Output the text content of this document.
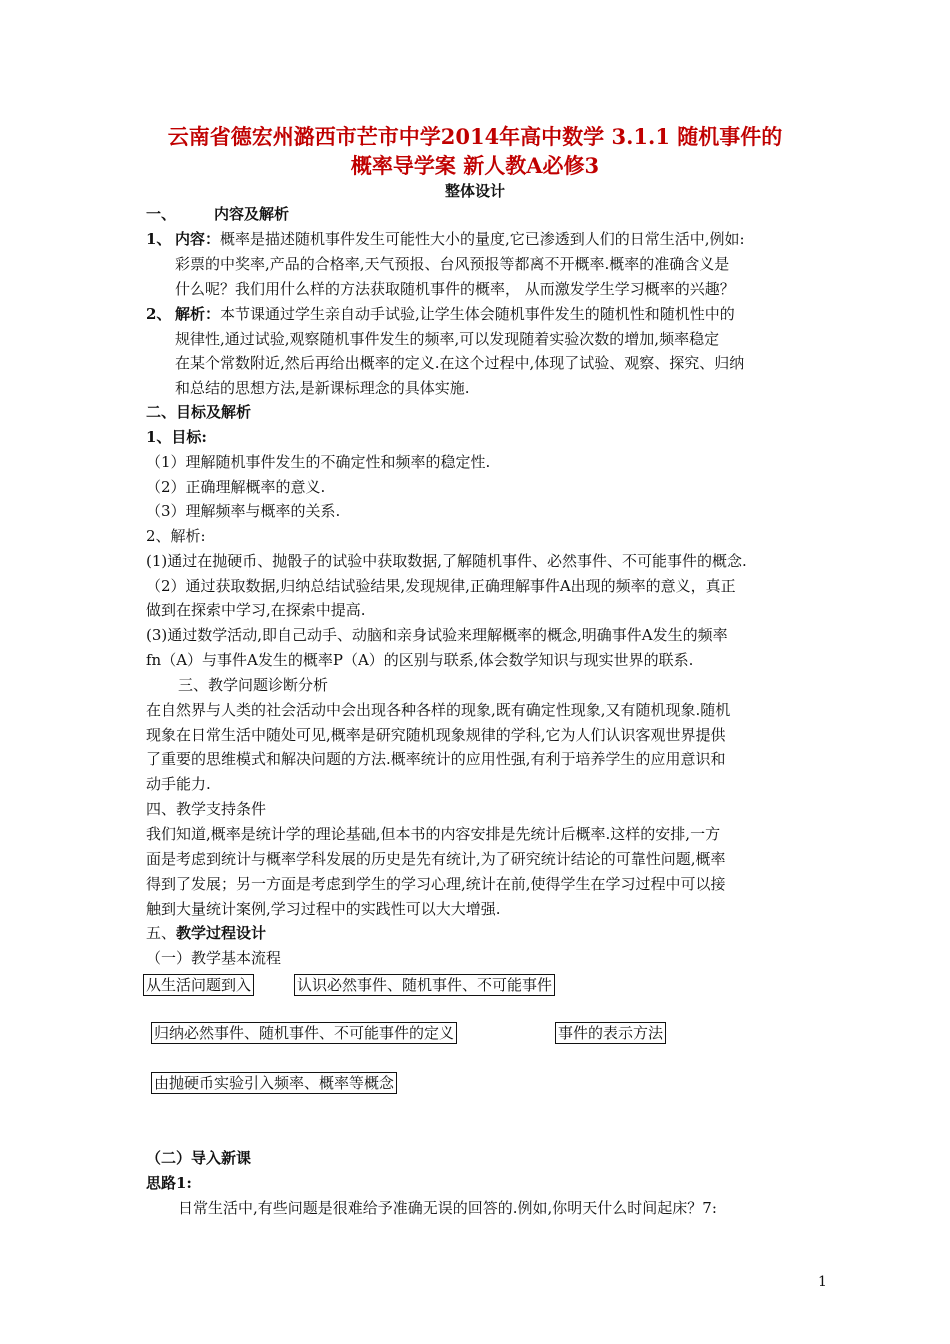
云南省德宏州潞西市芒市中学2014年高中数学 3.1.1 随机事件的
概率导学案 新人教A必修3
整体设计
一、	内容及解析
1、 内容：概率是描述随机事件发生可能性大小的量度,它已渗透到人们的日常生活中,例如:
彩票的中奖率,产品的合格率,天气预报、台风预报等都离不开概率.概率的准确含义是
什么呢？我们用什么样的方法获取随机事件的概率， 从而激发学生学习概率的兴趣？
2、 解析：本节课通过学生亲自动手试验,让学生体会随机事件发生的随机性和随机性中的
规律性,通过试验,观察随机事件发生的频率,可以发现随着实验次数的增加,频率稳定
在某个常数附近,然后再给出概率的定义.在这个过程中,体现了试验、观察、探究、归纳
和总结的思想方法,是新课标理念的具体实施.
二、目标及解析
1、目标:
（1）理解随机事件发生的不确定性和频率的稳定性.
（2）正确理解概率的意义.
（3）理解频率与概率的关系.
2、解析:
(1)通过在抛硬币、抛骰子的试验中获取数据,了解随机事件、必然事件、不可能事件的概念.
（2）通过获取数据,归纳总结试验结果,发现规律,正确理解事件A出现的频率的意义，真正
做到在探索中学习,在探索中提高.
(3)通过数学活动,即自己动手、动脑和亲身试验来理解概率的概念,明确事件A发生的频率
fn（A）与事件A发生的概率P（A）的区别与联系,体会数学知识与现实世界的联系.
三、教学问题诊断分析
在自然界与人类的社会活动中会出现各种各样的现象,既有确定性现象,又有随机现象.随机
现象在日常生活中随处可见,概率是研究随机现象规律的学科,它为人们认识客观世界提供
了重要的思维模式和解决问题的方法.概率统计的应用性强,有利于培养学生的应用意识和
动手能力.
四、教学支持条件
我们知道,概率是统计学的理论基础,但本书的内容安排是先统计后概率.这样的安排,一方
面是考虑到统计与概率学科发展的历史是先有统计,为了研究统计结论的可靠性问题,概率
得到了发展；另一方面是考虑到学生的学习心理,统计在前,使得学生在学习过程中可以接
触到大量统计案例,学习过程中的实践性可以大大增强.
五、教学过程设计
（一）教学基本流程
从生活问题到入	认识必然事件、随机事件、不可能事件
归纳必然事件、随机事件、不可能事件的定义	事件的表示方法
由抛硬币实验引入频率、概率等概念
（二）导入新课
思路1:
日常生活中,有些问题是很难给予准确无误的回答的.例如,你明天什么时间起床？7:
1
